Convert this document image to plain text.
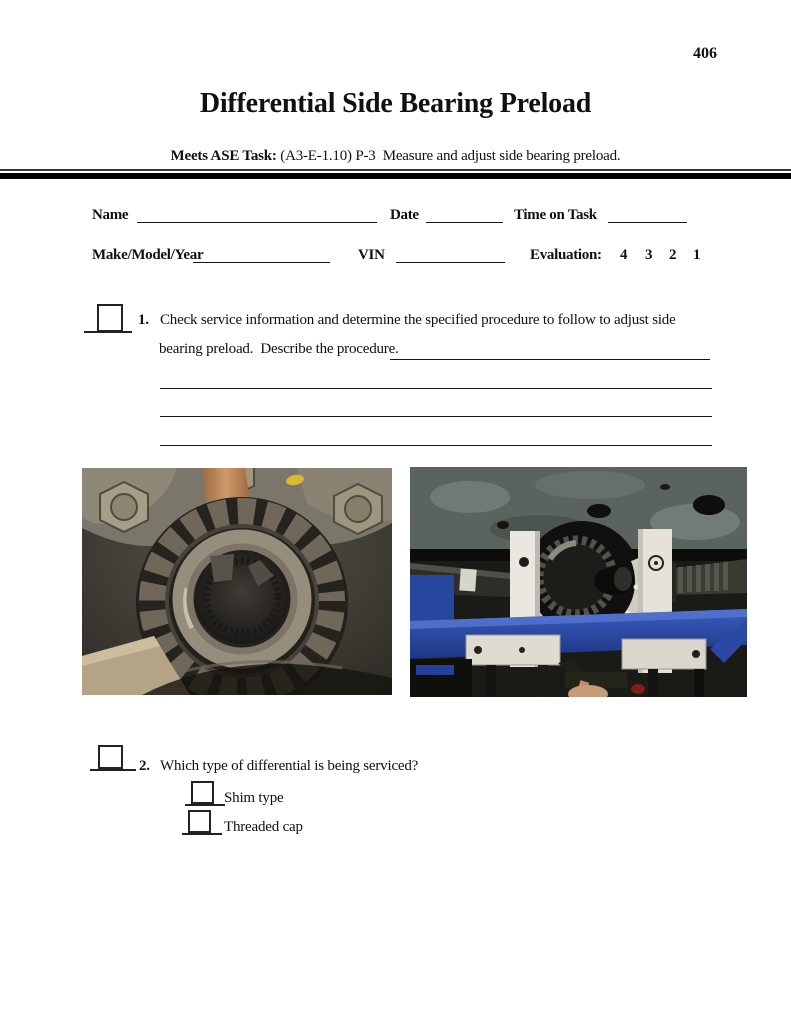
406
Differential Side Bearing Preload
Meets ASE Task: (A3-E-1.10) P-3  Measure and adjust side bearing preload.
Name	Date	Time on Task
Make/Model/Year	VIN	Evaluation: 4 3 2 1
1. Check service information and determine the specified procedure to follow to adjust side
bearing preload.  Describe the procedure.
2. Which type of differential is being serviced?
Shim type
Threaded cap
